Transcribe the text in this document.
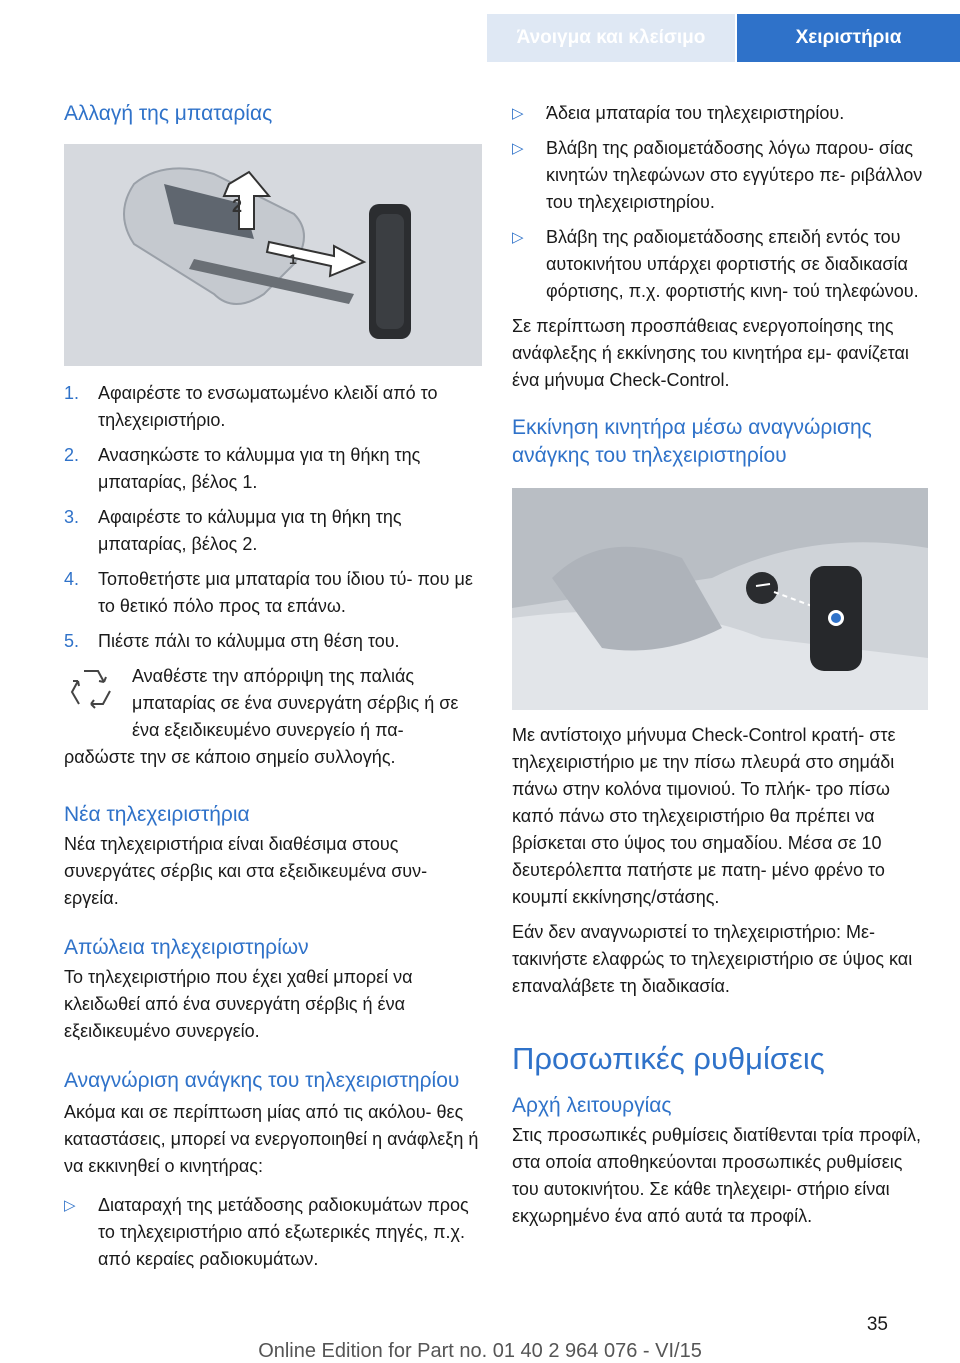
Άνοιγμα και κλείσιμο	Χειριστήρια
Αλλαγή της μπαταρίας
2
1
1. Αφαιρέστε το ενσωματωμένο κλειδί από το τηλεχειριστήριο.
2. Ανασηκώστε το κάλυμμα για τη θήκη της μπαταρίας, βέλος 1.
3. Αφαιρέστε το κάλυμμα για τη θήκη της μπαταρίας, βέλος 2.
4. Τοποθετήστε μια μπαταρία του ίδιου τύ‐ που με το θετικό πόλο προς τα επάνω.
5. Πιέστε πάλι το κάλυμμα στη θέση του.

Αναθέστε την απόρριψη της παλιάς μπαταρίας σε ένα συνεργάτη σέρβις ή σε ένα εξειδικευμένο συνεργείο ή πα‐

ραδώστε την σε κάποιο σημείο συλλογής.

Νέα τηλεχειριστήρια

Νέα τηλεχειριστήρια είναι διαθέσιμα στους συνεργάτες σέρβις και στα εξειδικευμένα συν‐ εργεία.

Απώλεια τηλεχειριστηρίων

Το τηλεχειριστήριο που έχει χαθεί μπορεί να κλειδωθεί από ένα συνεργάτη σέρβις ή ένα εξειδικευμένο συνεργείο.

Αναγνώριση ανάγκης του τηλεχειριστηρίου

Ακόμα και σε περίπτωση μίας από τις ακόλου‐ θες καταστάσεις, μπορεί να ενεργοποιηθεί η ανάφλεξη ή να εκκινηθεί ο κινητήρας:

▷ Διαταραχή της μετάδοσης ραδιοκυμάτων προς το τηλεχειριστήριο από εξωτερικές πηγές, π.χ. από κεραίες ραδιοκυμάτων.
▷ Άδεια μπαταρία του τηλεχειριστηρίου.
▷ Βλάβη της ραδιομετάδοσης λόγω παρου‐ σίας κινητών τηλεφώνων στο εγγύτερο πε‐ ριβάλλον του τηλεχειριστηρίου.
▷ Βλάβη της ραδιομετάδοσης επειδή εντός του αυτοκινήτου υπάρχει φορτιστής σε διαδικασία φόρτισης, π.χ. φορτιστής κινη‐ τού τηλεφώνου.

Σε περίπτωση προσπάθειας ενεργοποίησης της ανάφλεξης ή εκκίνησης του κινητήρα εμ‐ φανίζεται ένα μήνυμα Check-Control.

Εκκίνηση κινητήρα μέσω αναγνώρισης ανάγκης του τηλεχειριστηρίου

Με αντίστοιχο μήνυμα Check-Control κρατή‐ στε τηλεχειριστήριο με την πίσω πλευρά στο σημάδι πάνω στην κολόνα τιμονιού. Το πλήκ‐ τρο πίσω καπό πάνω στο τηλεχειριστήριο θα πρέπει να βρίσκεται στο ύψος του σημαδίου. Μέσα σε 10 δευτερόλεπτα πατήστε με πατη‐ μένο φρένο το κουμπί εκκίνησης/στάσης.

Εάν δεν αναγνωριστεί το τηλεχειριστήριο: Με‐ τακινήστε ελαφρώς το τηλεχειριστήριο σε ύψος και επαναλάβετε τη διαδικασία.

Προσωπικές ρυθμίσεις
Αρχή λειτουργίας

Στις προσωπικές ρυθμίσεις διατίθενται τρία προφίλ, στα οποία αποθηκεύονται προσωπικές ρυθμίσεις του αυτοκινήτου. Σε κάθε τηλεχειρι‐ στήριο είναι εκχωρημένο ένα από αυτά τα προφίλ.

35
Online Edition for Part no. 01 40 2 964 076 - VI/15
